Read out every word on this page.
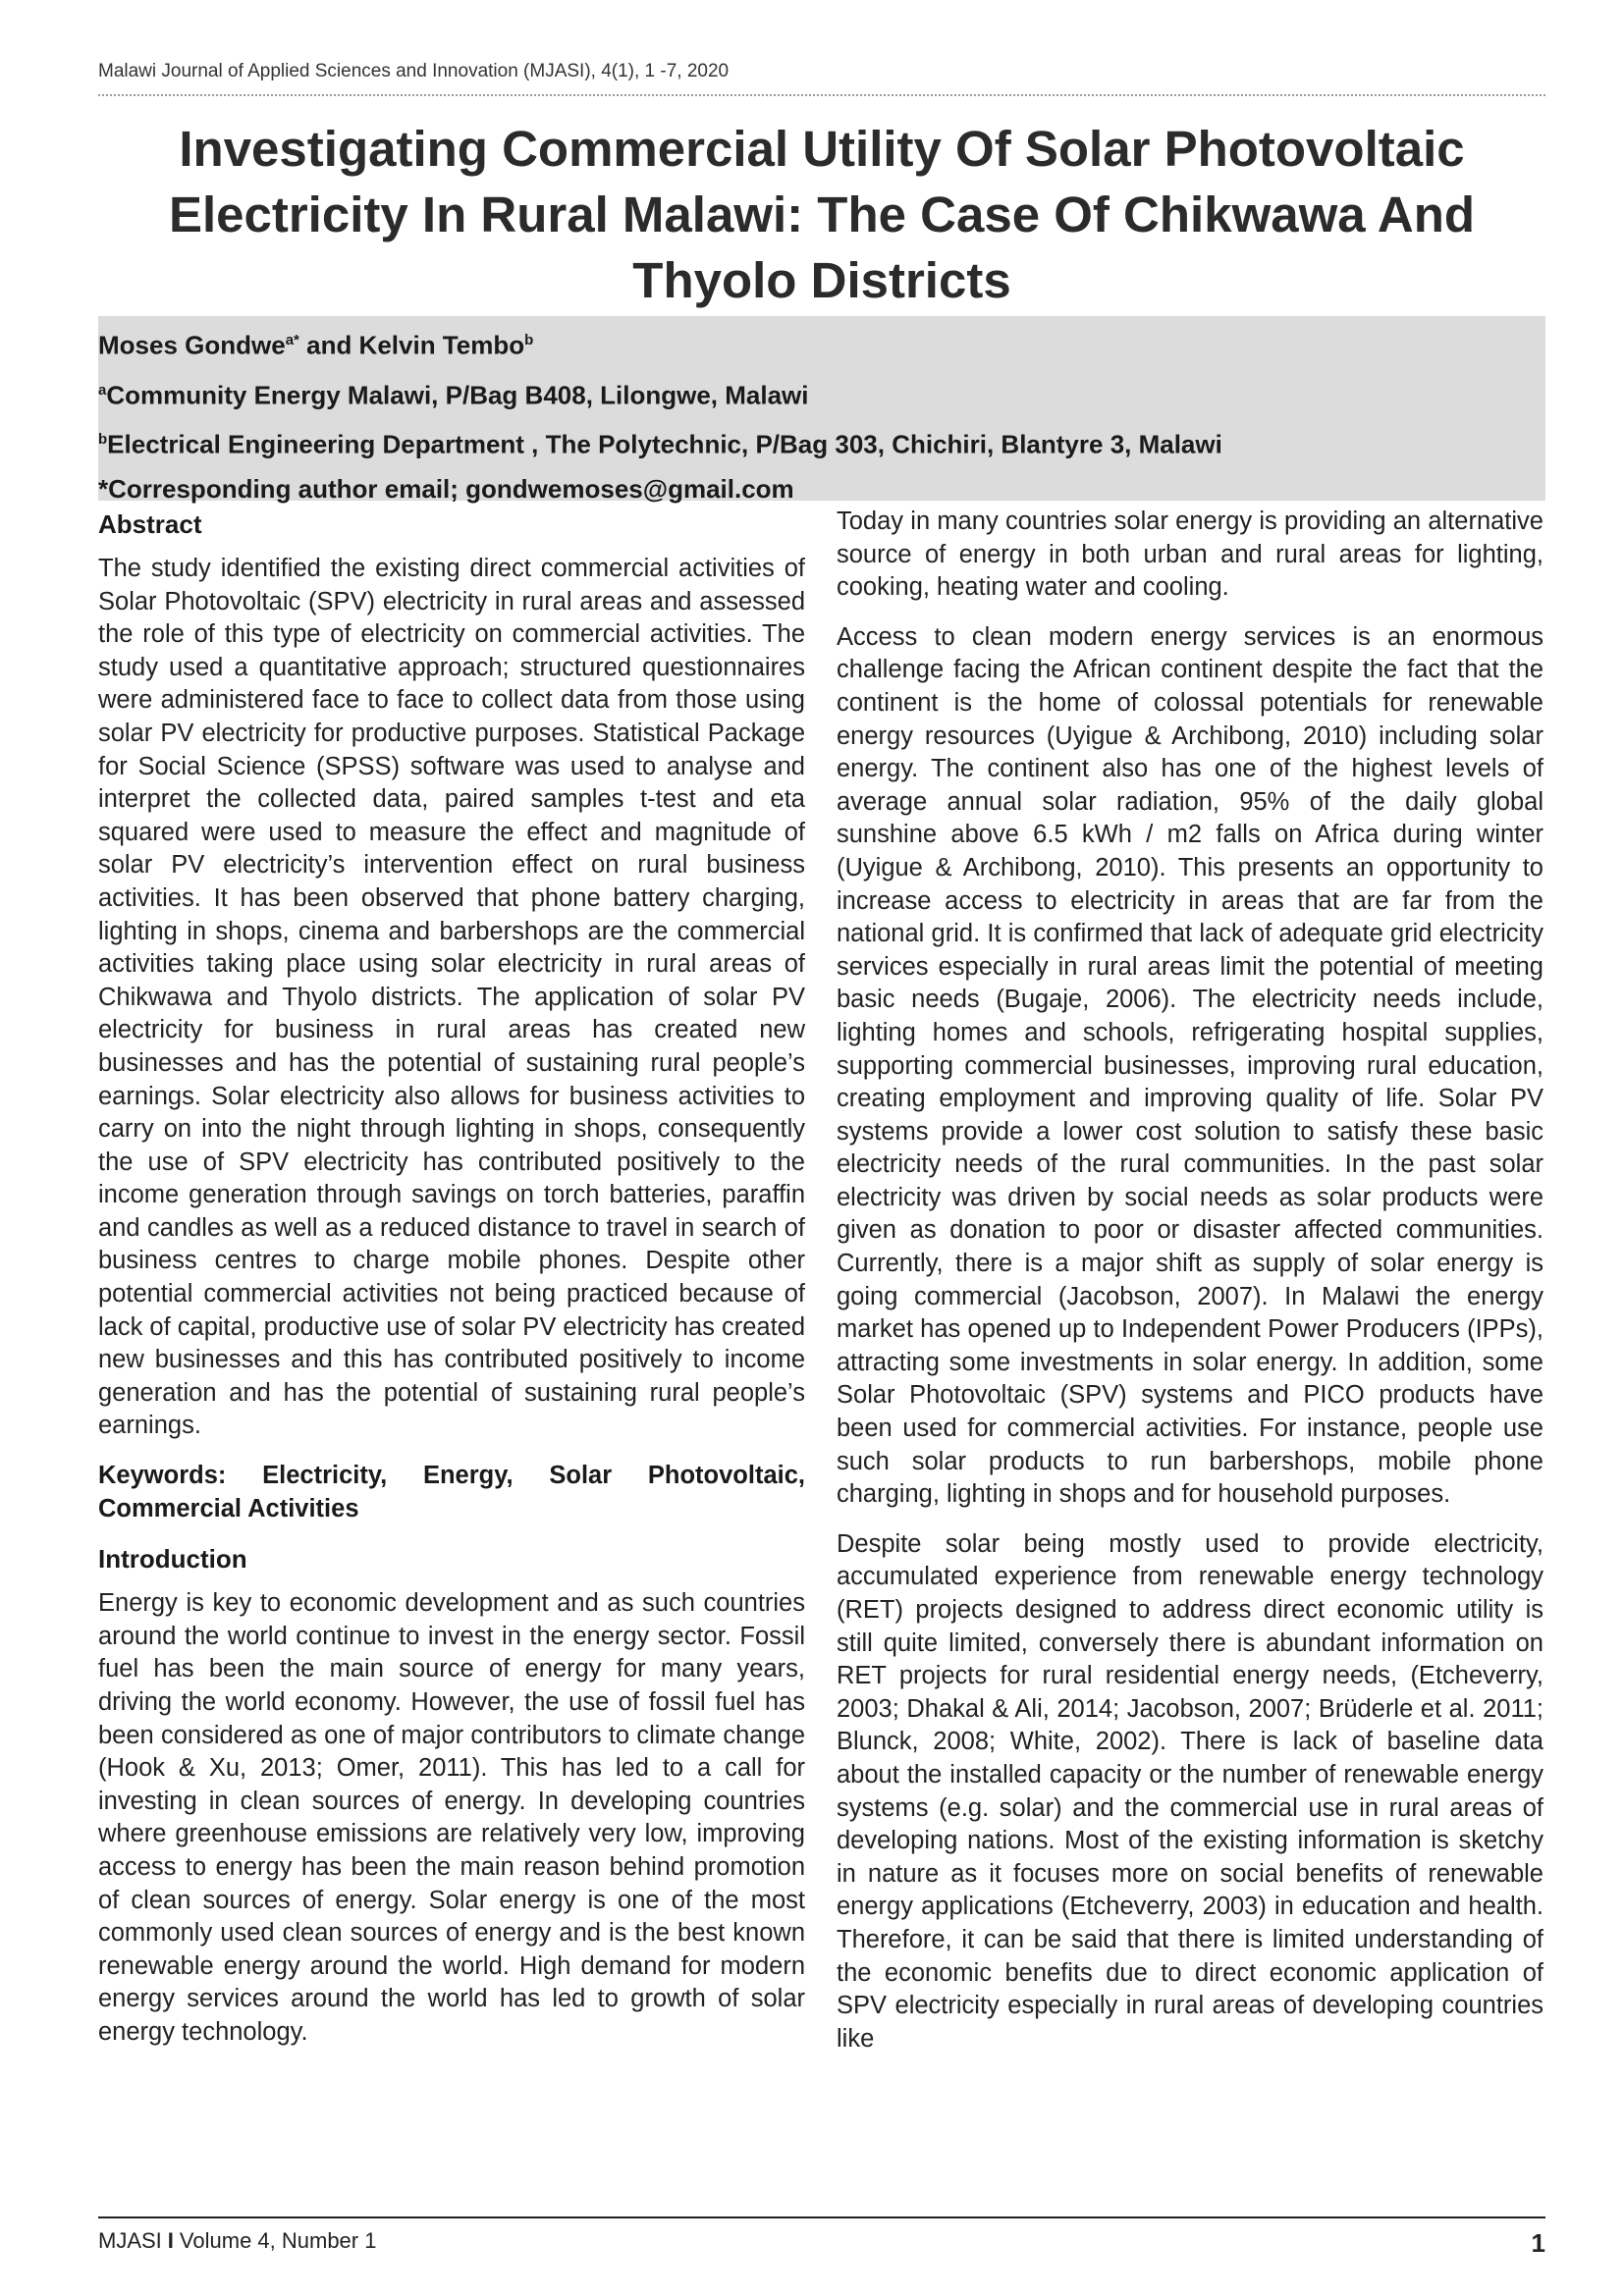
Malawi Journal of Applied Sciences and Innovation (MJASI), 4(1), 1 -7, 2020
Investigating Commercial Utility Of Solar Photovoltaic Electricity In Rural Malawi: The Case Of Chikwawa And Thyolo Districts

Moses Gondwe$^{a*}$ and Kelvin Tembo$^b$

$^a$Community Energy Malawi, P/Bag B408, Lilongwe, Malawi

$^b$Electrical Engineering Department , The Polytechnic, P/Bag 303, Chichiri, Blantyre 3, Malawi

*Corresponding author email; gondwemoses@gmail.com

Abstract

The study identified the existing direct commercial activities of Solar Photovoltaic (SPV) electricity in rural areas and assessed the role of this type of electricity on commercial activities. The study used a quantitative approach; structured questionnaires were administered face to face to collect data from those using solar PV electricity for productive purposes. Statistical Package for Social Science (SPSS) software was used to analyse and interpret the collected data, paired samples t-test and eta squared were used to measure the effect and magnitude of solar PV electricity’s intervention effect on rural business activities. It has been observed that phone battery charging, lighting in shops, cinema and barbershops are the commercial activities taking place using solar electricity in rural areas of Chikwawa and Thyolo districts. The application of solar PV electricity for business in rural areas has created new businesses and has the potential of sustaining rural people’s earnings. Solar electricity also allows for business activities to carry on into the night through lighting in shops, consequently the use of SPV electricity has contributed positively to the income generation through savings on torch batteries, paraffin and candles as well as a reduced distance to travel in search of business centres to charge mobile phones. Despite other potential commercial activities not being practiced because of lack of capital, productive use of solar PV electricity has created new businesses and this has contributed positively to income generation and has the potential of sustaining rural people’s earnings.

Keywords: Electricity, Energy, Solar Photovoltaic, Commercial Activities

Introduction

Energy is key to economic development and as such countries around the world continue to invest in the energy sector. Fossil fuel has been the main source of energy for many years, driving the world economy. However, the use of fossil fuel has been considered as one of major contributors to climate change (Hook & Xu, 2013; Omer, 2011). This has led to a call for investing in clean sources of energy. In developing countries where greenhouse emissions are relatively very low, improving access to energy has been the main reason behind promotion of clean sources of energy. Solar energy is one of the most commonly used clean sources of energy and is the best known renewable energy around the world. High demand for modern energy services around the world has led to growth of solar energy technology.

Today in many countries solar energy is providing an alternative source of energy in both urban and rural areas for lighting, cooking, heating water and cooling.

Access to clean modern energy services is an enormous challenge facing the African continent despite the fact that the continent is the home of colossal potentials for renewable energy resources (Uyigue & Archibong, 2010) including solar energy. The continent also has one of the highest levels of average annual solar radiation, 95% of the daily global sunshine above 6.5 kWh / m2 falls on Africa during winter (Uyigue & Archibong, 2010). This presents an opportunity to increase access to electricity in areas that are far from the national grid. It is confirmed that lack of adequate grid electricity services especially in rural areas limit the potential of meeting basic needs (Bugaje, 2006). The electricity needs include, lighting homes and schools, refrigerating hospital supplies, supporting commercial businesses, improving rural education, creating employment and improving quality of life. Solar PV systems provide a lower cost solution to satisfy these basic electricity needs of the rural communities. In the past solar electricity was driven by social needs as solar products were given as donation to poor or disaster affected communities. Currently, there is a major shift as supply of solar energy is going commercial (Jacobson, 2007). In Malawi the energy market has opened up to Independent Power Producers (IPPs), attracting some investments in solar energy. In addition, some Solar Photovoltaic (SPV) systems and PICO products have been used for commercial activities. For instance, people use such solar products to run barbershops, mobile phone charging, lighting in shops and for household purposes.

Despite solar being mostly used to provide electricity, accumulated experience from renewable energy technology (RET) projects designed to address direct economic utility is still quite limited, conversely there is abundant information on RET projects for rural residential energy needs, (Etcheverry, 2003; Dhakal & Ali, 2014; Jacobson, 2007; Brüderle et al. 2011; Blunck, 2008; White, 2002). There is lack of baseline data about the installed capacity or the number of renewable energy systems (e.g. solar) and the commercial use in rural areas of developing nations. Most of the existing information is sketchy in nature as it focuses more on social benefits of renewable energy applications (Etcheverry, 2003) in education and health. Therefore, it can be said that there is limited understanding of the economic benefits due to direct economic application of SPV electricity especially in rural areas of developing countries like

MJASI I Volume 4, Number 1	1
